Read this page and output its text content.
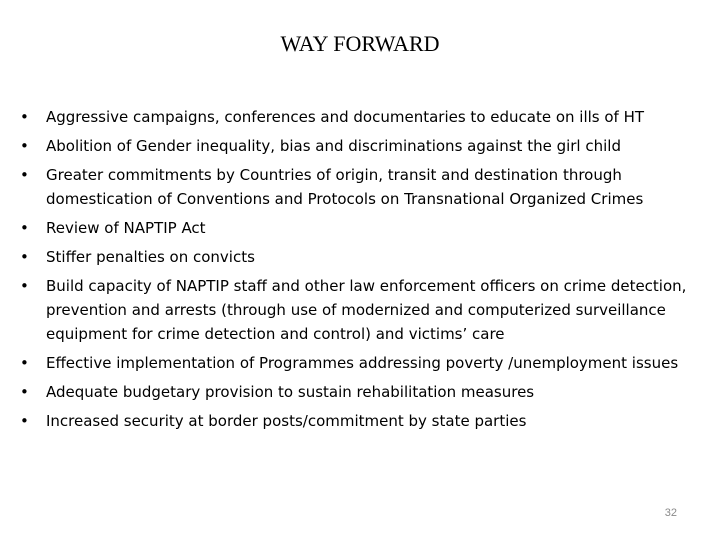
WAY FORWARD
• Aggressive campaigns, conferences and documentaries to educate on ills of HT
• Abolition of Gender inequality, bias and discriminations against the girl child
• Greater commitments by Countries of origin, transit and destination through domestication of Conventions and Protocols on Transnational Organized Crimes
• Review of NAPTIP Act
• Stiffer penalties on convicts
• Build capacity of NAPTIP staff and other law enforcement officers on crime detection, prevention and arrests (through use of modernized and computerized surveillance equipment for crime detection and control) and victims’ care
• Effective implementation of Programmes addressing poverty /unemployment issues
• Adequate budgetary provision to sustain rehabilitation measures
• Increased security at border posts/commitment by state parties
32
